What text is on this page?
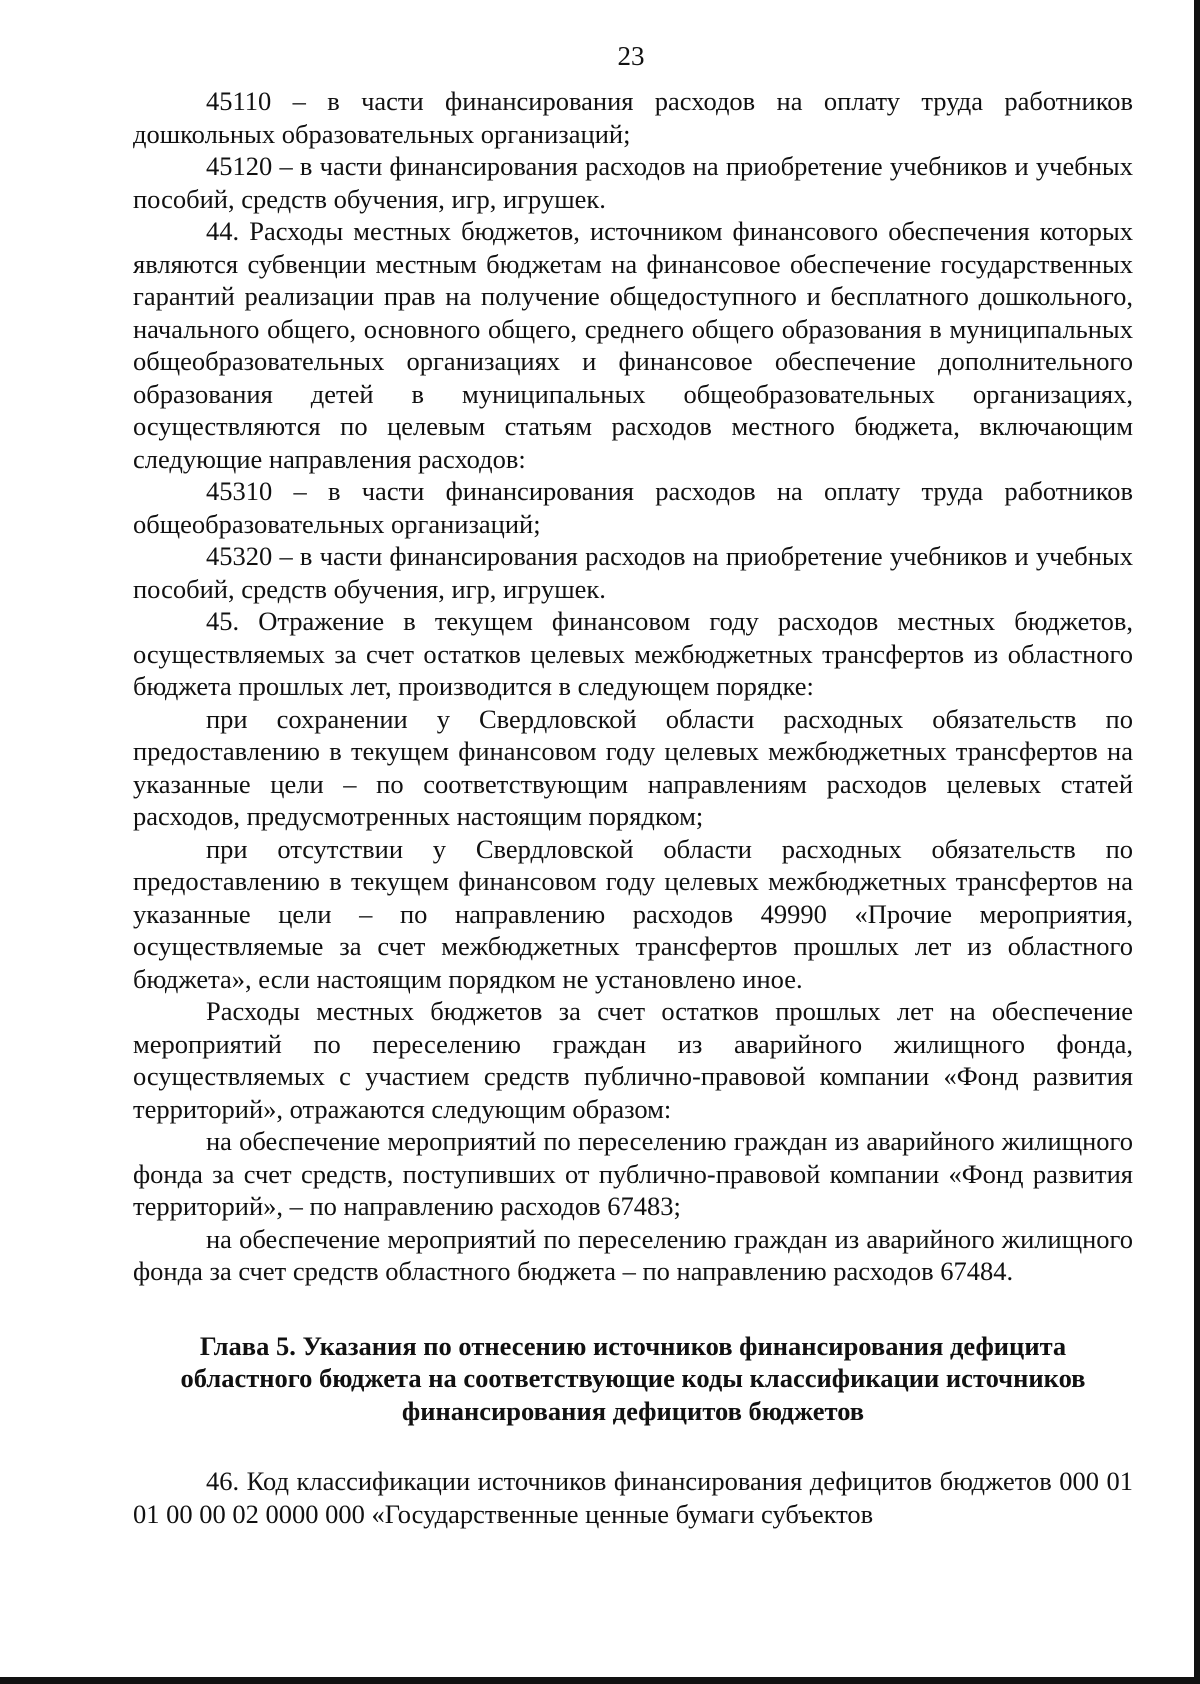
23

45110 – в части финансирования расходов на оплату труда работников дошкольных образовательных организаций;

45120 – в части финансирования расходов на приобретение учебников и учебных пособий, средств обучения, игр, игрушек.

44. Расходы местных бюджетов, источником финансового обеспечения которых являются субвенции местным бюджетам на финансовое обеспечение государственных гарантий реализации прав на получение общедоступного и бесплатного дошкольного, начального общего, основного общего, среднего общего образования в муниципальных общеобразовательных организациях и финансовое обеспечение дополнительного образования детей в муниципальных общеобразовательных организациях, осуществляются по целевым статьям расходов местного бюджета, включающим следующие направления расходов:

45310 – в части финансирования расходов на оплату труда работников общеобразовательных организаций;

45320 – в части финансирования расходов на приобретение учебников и учебных пособий, средств обучения, игр, игрушек.

45. Отражение в текущем финансовом году расходов местных бюджетов, осуществляемых за счет остатков целевых межбюджетных трансфертов из областного бюджета прошлых лет, производится в следующем порядке:

при сохранении у Свердловской области расходных обязательств по предоставлению в текущем финансовом году целевых межбюджетных трансфертов на указанные цели – по соответствующим направлениям расходов целевых статей расходов, предусмотренных настоящим порядком;

при отсутствии у Свердловской области расходных обязательств по предоставлению в текущем финансовом году целевых межбюджетных трансфертов на указанные цели – по направлению расходов 49990 «Прочие мероприятия, осуществляемые за счет межбюджетных трансфертов прошлых лет из областного бюджета», если настоящим порядком не установлено иное.

Расходы местных бюджетов за счет остатков прошлых лет на обеспечение мероприятий по переселению граждан из аварийного жилищного фонда, осуществляемых с участием средств публично-правовой компании «Фонд развития территорий», отражаются следующим образом:

на обеспечение мероприятий по переселению граждан из аварийного жилищного фонда за счет средств, поступивших от публично-правовой компании «Фонд развития территорий», – по направлению расходов 67483;

на обеспечение мероприятий по переселению граждан из аварийного жилищного фонда за счет средств областного бюджета – по направлению расходов 67484.

Глава 5. Указания по отнесению источников финансирования дефицита
областного бюджета на соответствующие коды классификации источников
финансирования дефицитов бюджетов

46. Код классификации источников финансирования дефицитов бюджетов 000 01 01 00 00 02 0000 000 «Государственные ценные бумаги субъектов
